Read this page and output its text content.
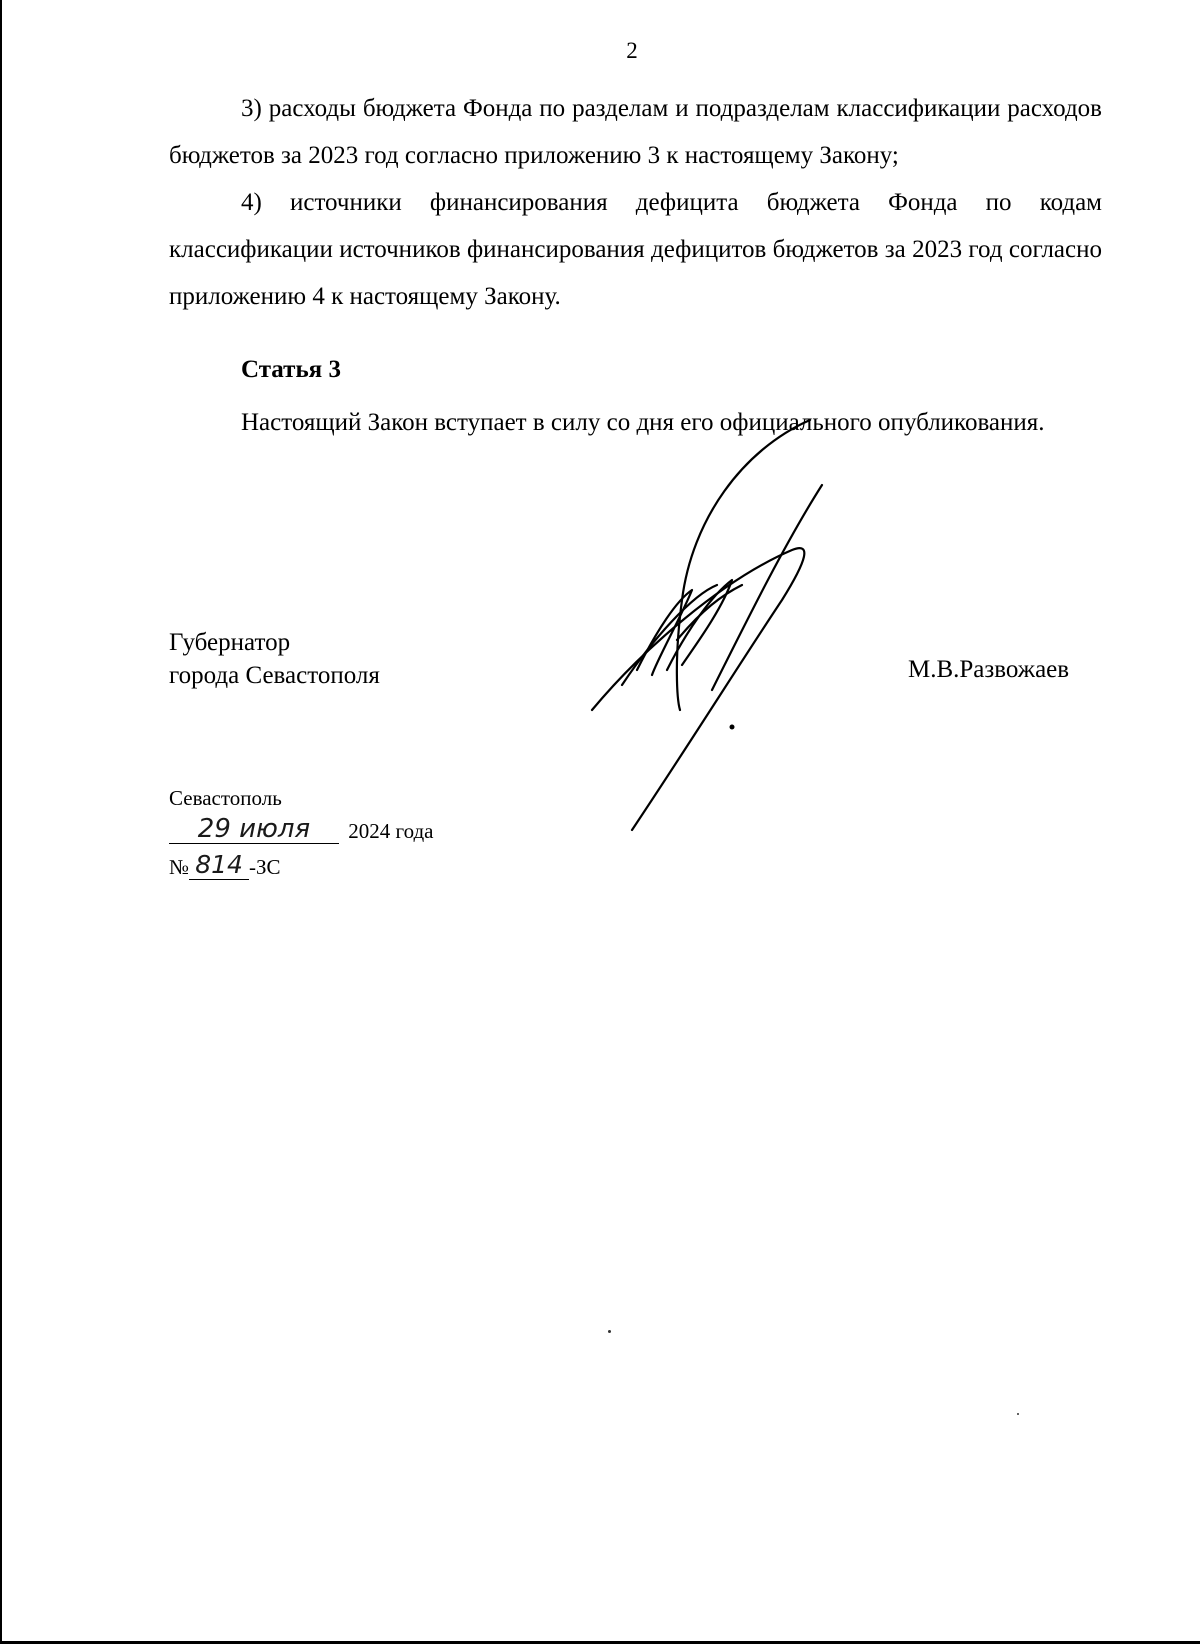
2

3) расходы бюджета Фонда по разделам и подразделам классификации расходов бюджетов за 2023 год согласно приложению 3 к настоящему Закону;

4) источники финансирования дефицита бюджета Фонда по кодам классификации источников финансирования дефицитов бюджетов за 2023 год согласно приложению 4 к настоящему Закону.

Статья 3

Настоящий Закон вступает в силу со дня его официального опубликования.

Губернатор
города Севастополя	М.В.Развожаев
Севастополь
29 июля 2024 года
№ 814 -ЗС
